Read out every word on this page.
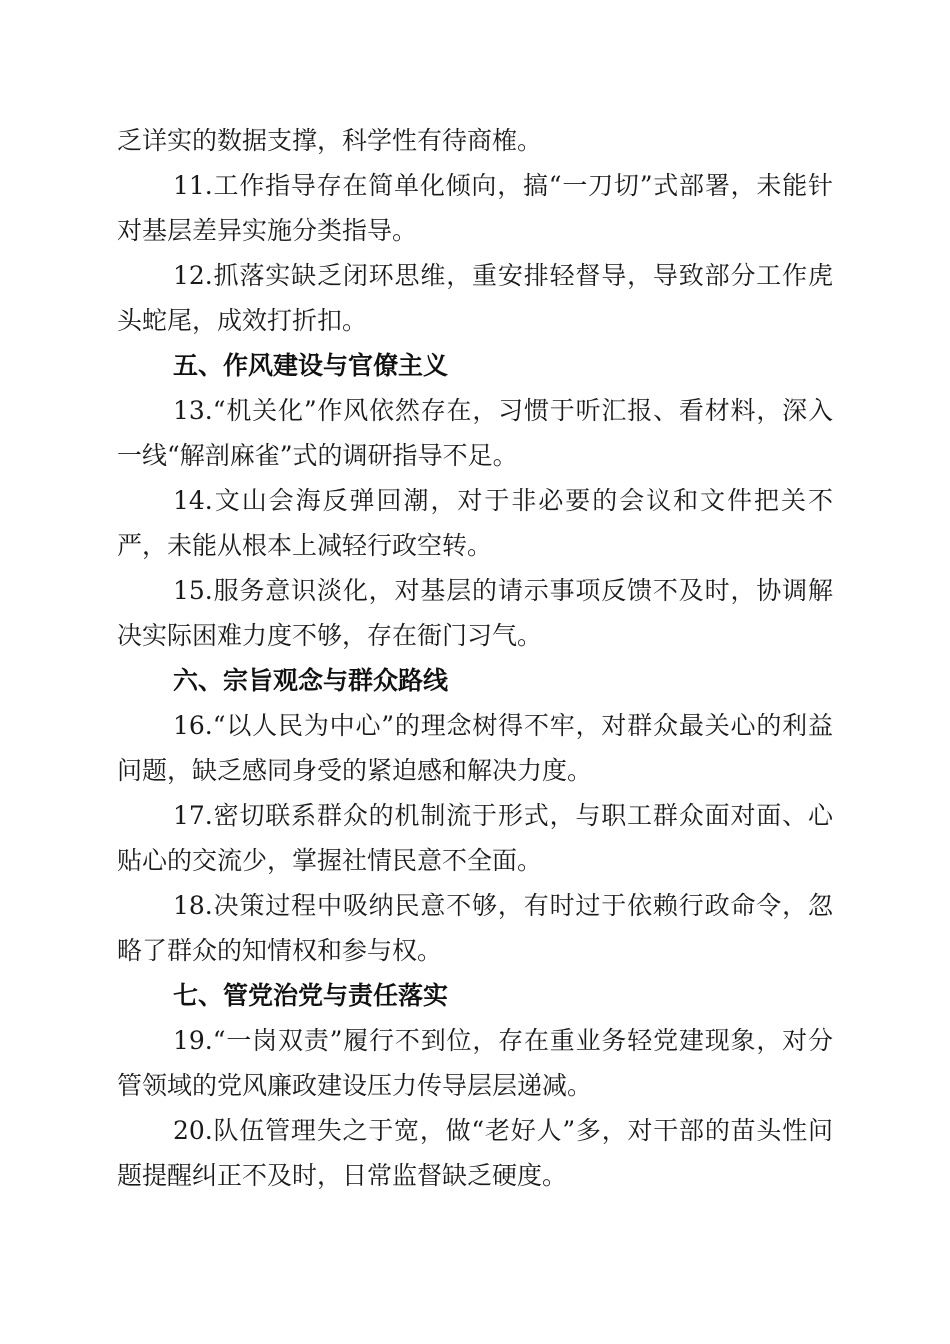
乏详实的数据支撑，科学性有待商榷。

11.工作指导存在简单化倾向，搞“一刀切”式部署，未能针对基层差异实施分类指导。

12.抓落实缺乏闭环思维，重安排轻督导，导致部分工作虎头蛇尾，成效打折扣。

五、作风建设与官僚主义

13.“机关化”作风依然存在，习惯于听汇报、看材料，深入一线“解剖麻雀”式的调研指导不足。

14.文山会海反弹回潮，对于非必要的会议和文件把关不严，未能从根本上减轻行政空转。

15.服务意识淡化，对基层的请示事项反馈不及时，协调解决实际困难力度不够，存在衙门习气。

六、宗旨观念与群众路线

16.“以人民为中心”的理念树得不牢，对群众最关心的利益问题，缺乏感同身受的紧迫感和解决力度。

17.密切联系群众的机制流于形式，与职工群众面对面、心贴心的交流少，掌握社情民意不全面。

18.决策过程中吸纳民意不够，有时过于依赖行政命令，忽略了群众的知情权和参与权。

七、管党治党与责任落实

19.“一岗双责”履行不到位，存在重业务轻党建现象，对分管领域的党风廉政建设压力传导层层递减。

20.队伍管理失之于宽，做“老好人”多，对干部的苗头性问题提醒纠正不及时，日常监督缺乏硬度。
